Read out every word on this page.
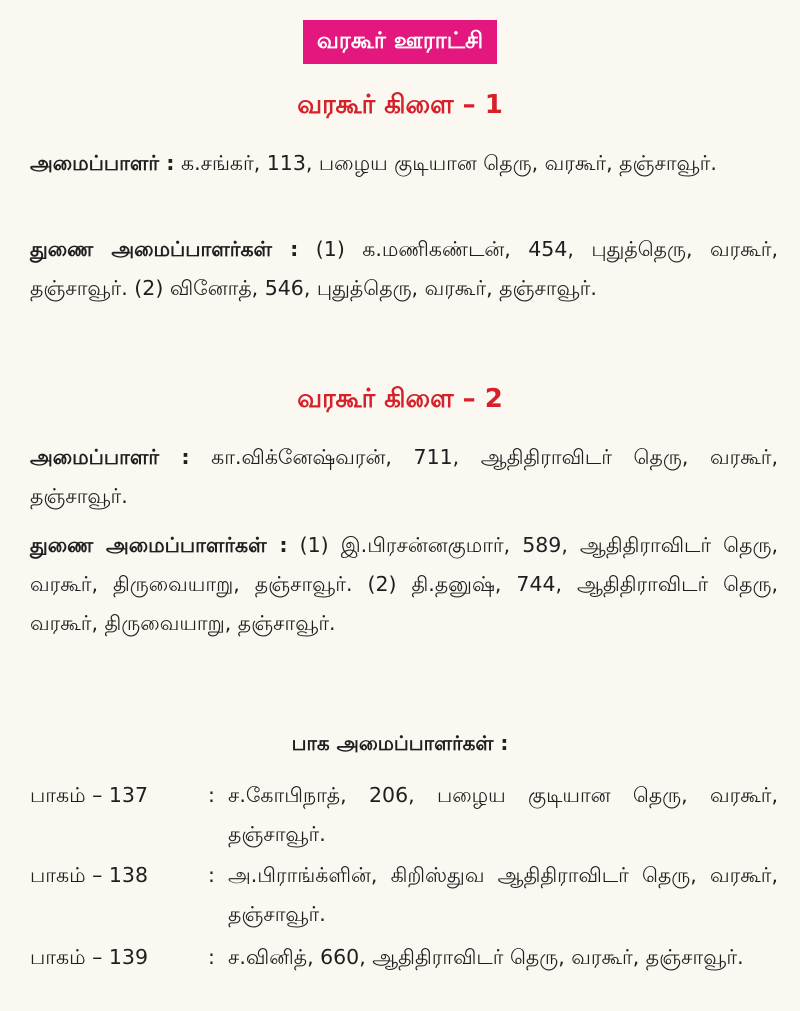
வரகூர் ஊராட்சி
வரகூர் கிளை – 1
அமைப்பாளர் : க.சங்கர், 113, பழைய குடியான தெரு, வரகூர், தஞ்சாவூர்.
துணை அமைப்பாளர்கள் : (1) க.மணிகண்டன், 454, புதுத்தெரு, வரகூர், தஞ்சாவூர். (2) வினோத், 546, புதுத்தெரு, வரகூர், தஞ்சாவூர்.
வரகூர் கிளை – 2
அமைப்பாளர் : கா.விக்னேஷ்வரன், 711, ஆதிதிராவிடர் தெரு, வரகூர், தஞ்சாவூர்.
துணை அமைப்பாளர்கள் : (1) இ.பிரசன்னகுமார், 589, ஆதிதிராவிடர் தெரு, வரகூர், திருவையாறு, தஞ்சாவூர். (2) தி.தனுஷ், 744, ஆதிதிராவிடர் தெரு, வரகூர், திருவையாறு, தஞ்சாவூர்.
பாக அமைப்பாளர்கள் :
பாகம் – 137	: ச.கோபிநாத், 206, பழைய குடியான தெரு, வரகூர், தஞ்சாவூர்.
பாகம் – 138	: அ.பிராங்க்ளின், கிறிஸ்துவ ஆதிதிராவிடர் தெரு, வரகூர், தஞ்சாவூர்.
பாகம் – 139	: ச.வினித், 660, ஆதிதிராவிடர் தெரு, வரகூர், தஞ்சாவூர்.
